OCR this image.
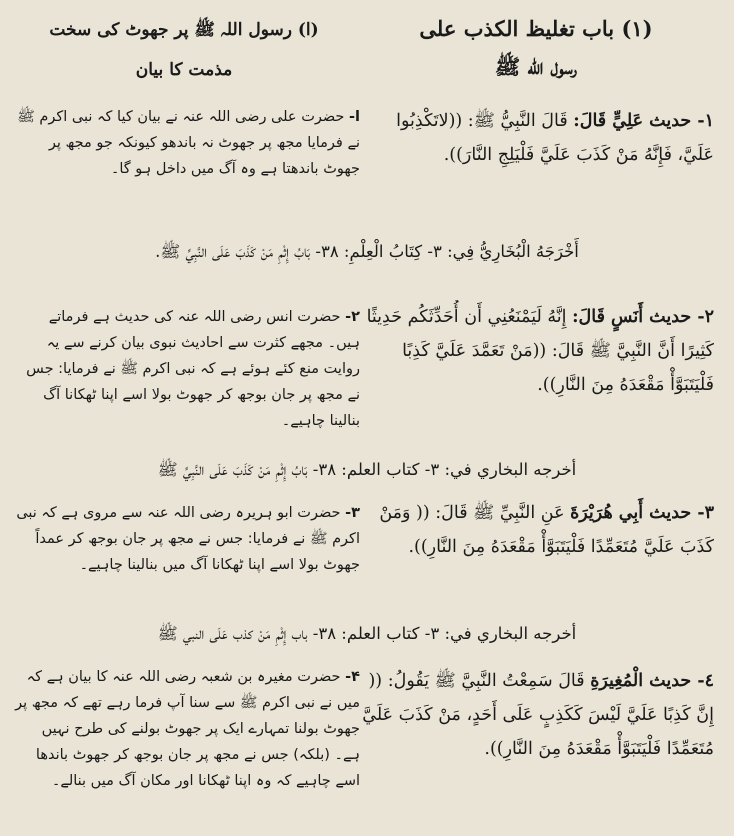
(١) باب تغليظ الكذب على
رسول الله ﷺ
(ا) رسول اللہ ﷺ پر جھوٹ کی سخت
مذمت کا بیان

١- حديث عَلِيٍّ قَالَ: قَالَ النَّبِيُّ ﷺ: ((لاتَكْذِبُوا عَلَيَّ، فَإِنَّهُ مَنْ كَذَبَ عَلَيَّ فَلْيَلِجِ النَّارَ)).

ا- حضرت علی رضی اللہ عنہ نے بیان کیا کہ نبی اکرم ﷺ نے فرمایا مجھ پر جھوٹ نہ باندھو کیونکہ جو مجھ پر جھوٹ باندھتا ہے وہ آگ میں داخل ہو گا۔

أَخْرَجَهُ الْبُخَارِيُّ فِي: ٣- كِتَابُ الْعِلْمِ: ٣٨- بَابُ إِثْمِ مَنْ كَذَبَ عَلَى النَّبِيِّ ﷺ.

٢- حديث أَنَسٍ قَالَ: إِنَّهُ لَيَمْنَعُنِي أَن أُحَدِّثَكُم حَدِيثًا كَثِيرًا أَنَّ النَّبِيَّ ﷺ قَالَ: ((مَنْ تَعَمَّدَ عَلَيَّ كَذِبًا فَلْيَتَبَوَّأْ مَقْعَدَهُ مِنَ النَّارِ)).

۲- حضرت انس رضی اللہ عنہ کی حدیث ہے فرماتے ہیں۔ مجھے کثرت سے احادیث نبوی بیان کرنے سے یہ روایت منع کئے ہوئے ہے کہ نبی اکرم ﷺ نے فرمایا: جس نے مجھ پر جان بوجھ کر جھوٹ بولا اسے اپنا ٹھکانا آگ بنالینا چاہیے۔

أخرجه البخاري في: ٣- كتاب العلم: ٣٨- بَابُ إِثْمِ مَنْ كَذَبَ عَلَى النَّبِيِّ ﷺ

٣- حديث أَبِي هُرَيْرَةَ عَنِ النَّبِيِّ ﷺ قَالَ: (( وَمَنْ كَذَبَ عَلَيَّ مُتَعَمِّدًا فَلْيَتَبَوَّأْ مَقْعَدَهُ مِنَ النَّارِ)).

۳- حضرت ابو ہریرہ رضی اللہ عنہ سے مروی ہے کہ نبی اکرم ﷺ نے فرمایا: جس نے مجھ پر جان بوجھ کر عمداً جھوٹ بولا اسے اپنا ٹھکانا آگ میں بنالینا چاہیے۔

أخرجه البخاري في: ٣- كتاب العلم: ٣٨- باب إِثْمِ مَنْ كذب عَلَى النبي ﷺ

٤- حديث الْمُغِيرَةِ قَالَ سَمِعْتُ النَّبِيَّ ﷺ يَقُولُ: (( إِنَّ كَذِبًا عَلَيَّ لَيْسَ كَكَذِبٍ عَلَى أَحَدٍ، مَنْ كَذَبَ عَلَيَّ مُتَعَمِّدًا فَلْيَتَبَوَّأْ مَقْعَدَهُ مِنَ النَّارِ)).

۴- حضرت مغیرہ بن شعبہ رضی اللہ عنہ کا بیان ہے کہ میں نے نبی اکرم ﷺ سے سنا آپ فرما رہے تھے کہ مجھ پر جھوٹ بولنا تمہارے ایک پر جھوٹ بولنے کی طرح نہیں ہے۔ (بلکہ) جس نے مجھ پر جان بوجھ کر جھوٹ باندھا اسے چاہیے کہ وہ اپنا ٹھکانا اور مکان آگ میں بنالے۔
